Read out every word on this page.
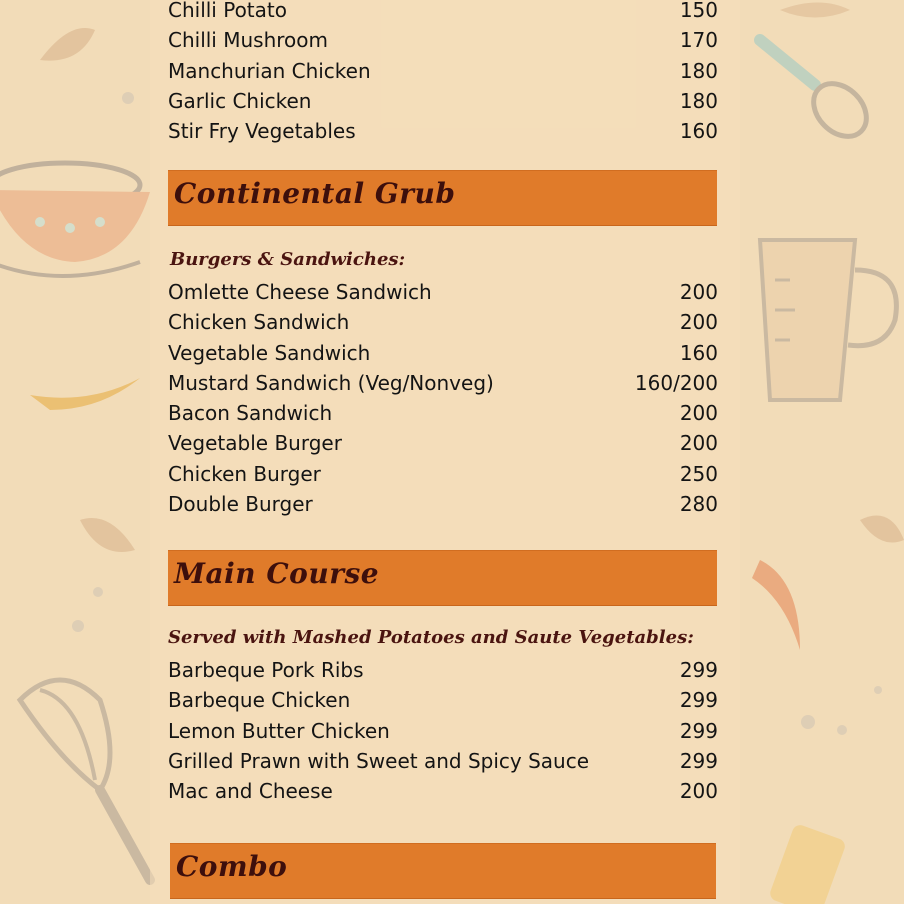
Chilli Potato	150
Chilli Mushroom	170
Manchurian Chicken	180
Garlic Chicken	180
Stir Fry Vegetables	160
Continental Grub
Burgers & Sandwiches:
Omlette Cheese Sandwich	200
Chicken Sandwich	200
Vegetable Sandwich	160
Mustard Sandwich (Veg/Nonveg)	160/200
Bacon Sandwich	200
Vegetable Burger	200
Chicken Burger	250
Double Burger	280
Main Course
Served with Mashed Potatoes and Saute Vegetables:
Barbeque Pork Ribs	299
Barbeque Chicken	299
Lemon Butter Chicken	299
Grilled Prawn with Sweet and Spicy Sauce	299
Mac and Cheese	200
Combo
